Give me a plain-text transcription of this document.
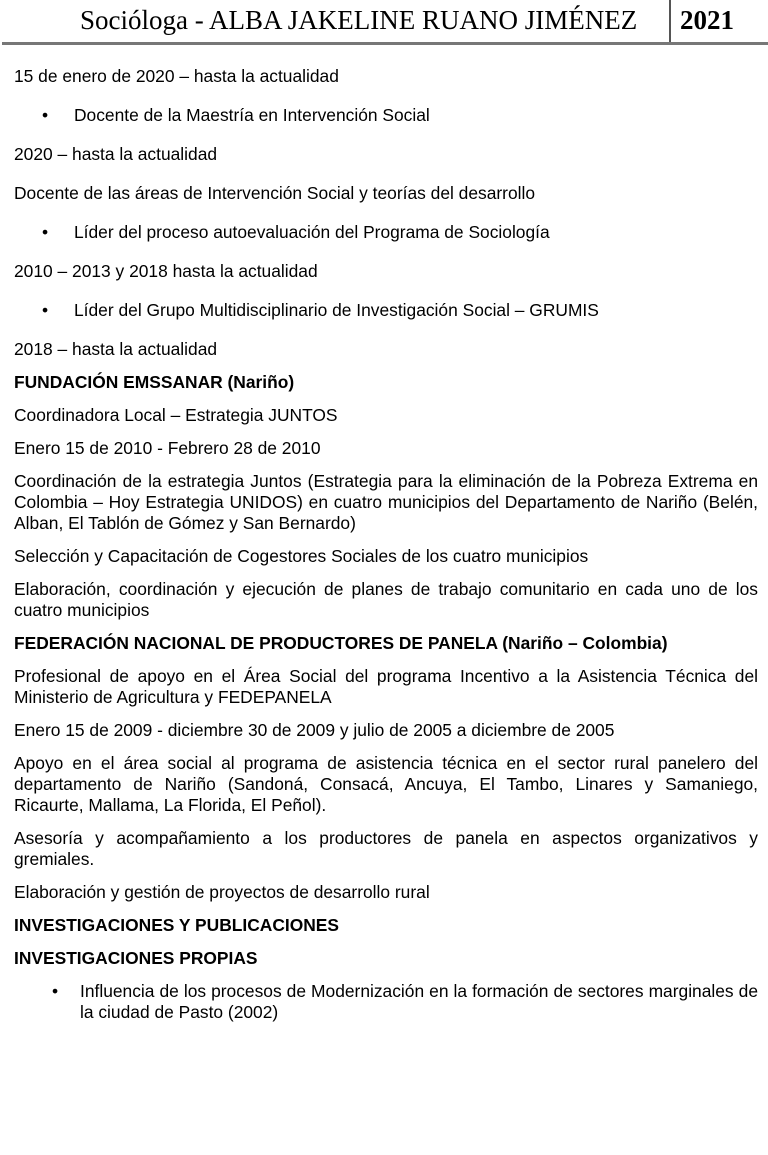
Socióloga - ALBA JAKELINE RUANO JIMÉNEZ	2021

15 de enero de 2020 – hasta la actualidad

• Docente de la Maestría en Intervención Social

2020 – hasta la actualidad

Docente de las áreas de Intervención Social y teorías del desarrollo

• Líder del proceso autoevaluación del Programa de Sociología

2010 – 2013 y 2018 hasta la actualidad

• Líder del Grupo Multidisciplinario de Investigación Social – GRUMIS

2018 – hasta la actualidad

FUNDACIÓN EMSSANAR (Nariño)

Coordinadora Local – Estrategia JUNTOS

Enero 15 de 2010 - Febrero 28 de 2010

Coordinación de la estrategia Juntos (Estrategia para la eliminación de la Pobreza Extrema en Colombia – Hoy Estrategia UNIDOS) en cuatro municipios del Departamento de Nariño (Belén, Alban, El Tablón de Gómez y San Bernardo)

Selección y Capacitación de Cogestores Sociales de los cuatro municipios

Elaboración, coordinación y ejecución de planes de trabajo comunitario en cada uno de los cuatro municipios

FEDERACIÓN NACIONAL DE PRODUCTORES DE PANELA (Nariño – Colombia)

Profesional de apoyo en el Área Social del programa Incentivo a la Asistencia Técnica del Ministerio de Agricultura y FEDEPANELA

Enero 15 de 2009 - diciembre 30 de 2009 y julio de 2005 a diciembre de 2005

Apoyo en el área social al programa de asistencia técnica en el sector rural panelero del departamento de Nariño (Sandoná, Consacá, Ancuya, El Tambo, Linares y Samaniego, Ricaurte, Mallama, La Florida, El Peñol).

Asesoría y acompañamiento a los productores de panela en aspectos organizativos y gremiales.

Elaboración y gestión de proyectos de desarrollo rural

INVESTIGACIONES Y PUBLICACIONES

INVESTIGACIONES PROPIAS

• Influencia de los procesos de Modernización en la formación de sectores marginales de la ciudad de Pasto (2002)
